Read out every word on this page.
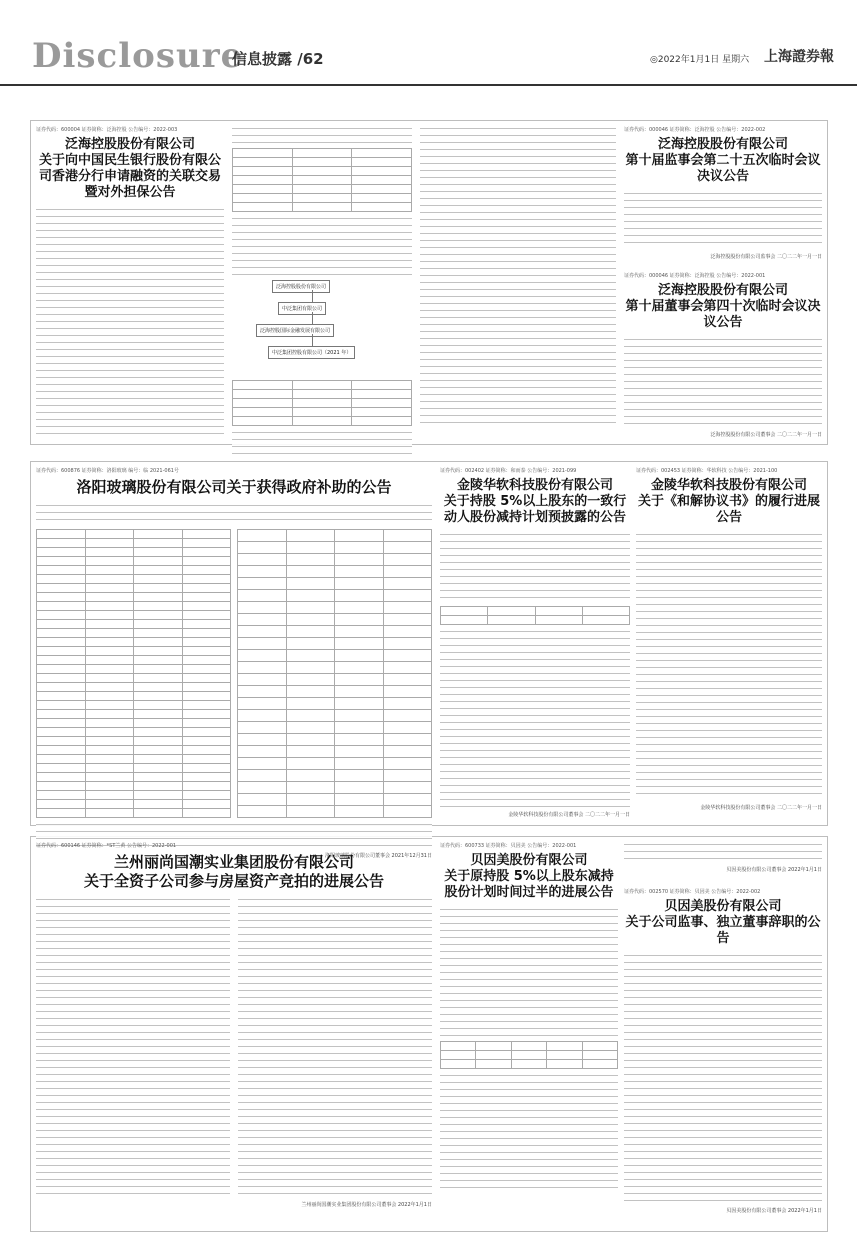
Disclosure
信息披露 /62	◎2022年1月1日 星期六 上海證券報
证券代码：600004 证券简称：泛海控股 公告编号：2022-003
泛海控股股份有限公司
关于向中国民生银行股份有限公司香港分行申请融资的关联交易暨对外担保公告

泛海控股股份有限公司
中泛集团有限公司
泛海控股国际金融发展有限公司
中泛集团控股有限公司（2021 年）

证券代码：000046 证券简称：泛海控股 公告编号：2022-002
泛海控股股份有限公司
第十届监事会第二十五次临时会议决议公告
泛海控股股份有限公司监事会 二〇二二年一月一日
证券代码：000046 证券简称：泛海控股 公告编号：2022-001
泛海控股股份有限公司
第十届董事会第四十次临时会议决议公告
泛海控股股份有限公司董事会 二〇二二年一月一日
证券代码：600876 证券简称：洛阳玻璃 编号：临 2021-061号
洛阳玻璃股份有限公司关于获得政府补助的公告

洛阳玻璃股份有限公司董事会 2021年12月31日
证券代码：002402 证券简称：和而泰 公告编号：2021-099
金陵华软科技股份有限公司
关于持股 5%以上股东的一致行动人股份减持计划预披露的公告

金陵华软科技股份有限公司董事会 二〇二二年一月一日
证券代码：002453 证券简称：华软科技 公告编号：2021-100
金陵华软科技股份有限公司
关于《和解协议书》的履行进展公告
金陵华软科技股份有限公司董事会 二〇二二年一月一日
证券代码：600146 证券简称：*ST兰黄 公告编号：2022-001
兰州丽尚国潮实业集团股份有限公司
关于全资子公司参与房屋资产竞拍的进展公告
兰州丽尚国潮实业集团股份有限公司董事会 2022年1月1日
证券代码：600733 证券简称：贝因美 公告编号：2022-001
贝因美股份有限公司
关于原持股 5%以上股东减持股份计划时间过半的进展公告

贝因美股份有限公司董事会 2022年1月1日
证券代码：002570 证券简称：贝因美 公告编号：2022-002
贝因美股份有限公司
关于公司监事、独立董事辞职的公告
贝因美股份有限公司董事会 2022年1月1日
